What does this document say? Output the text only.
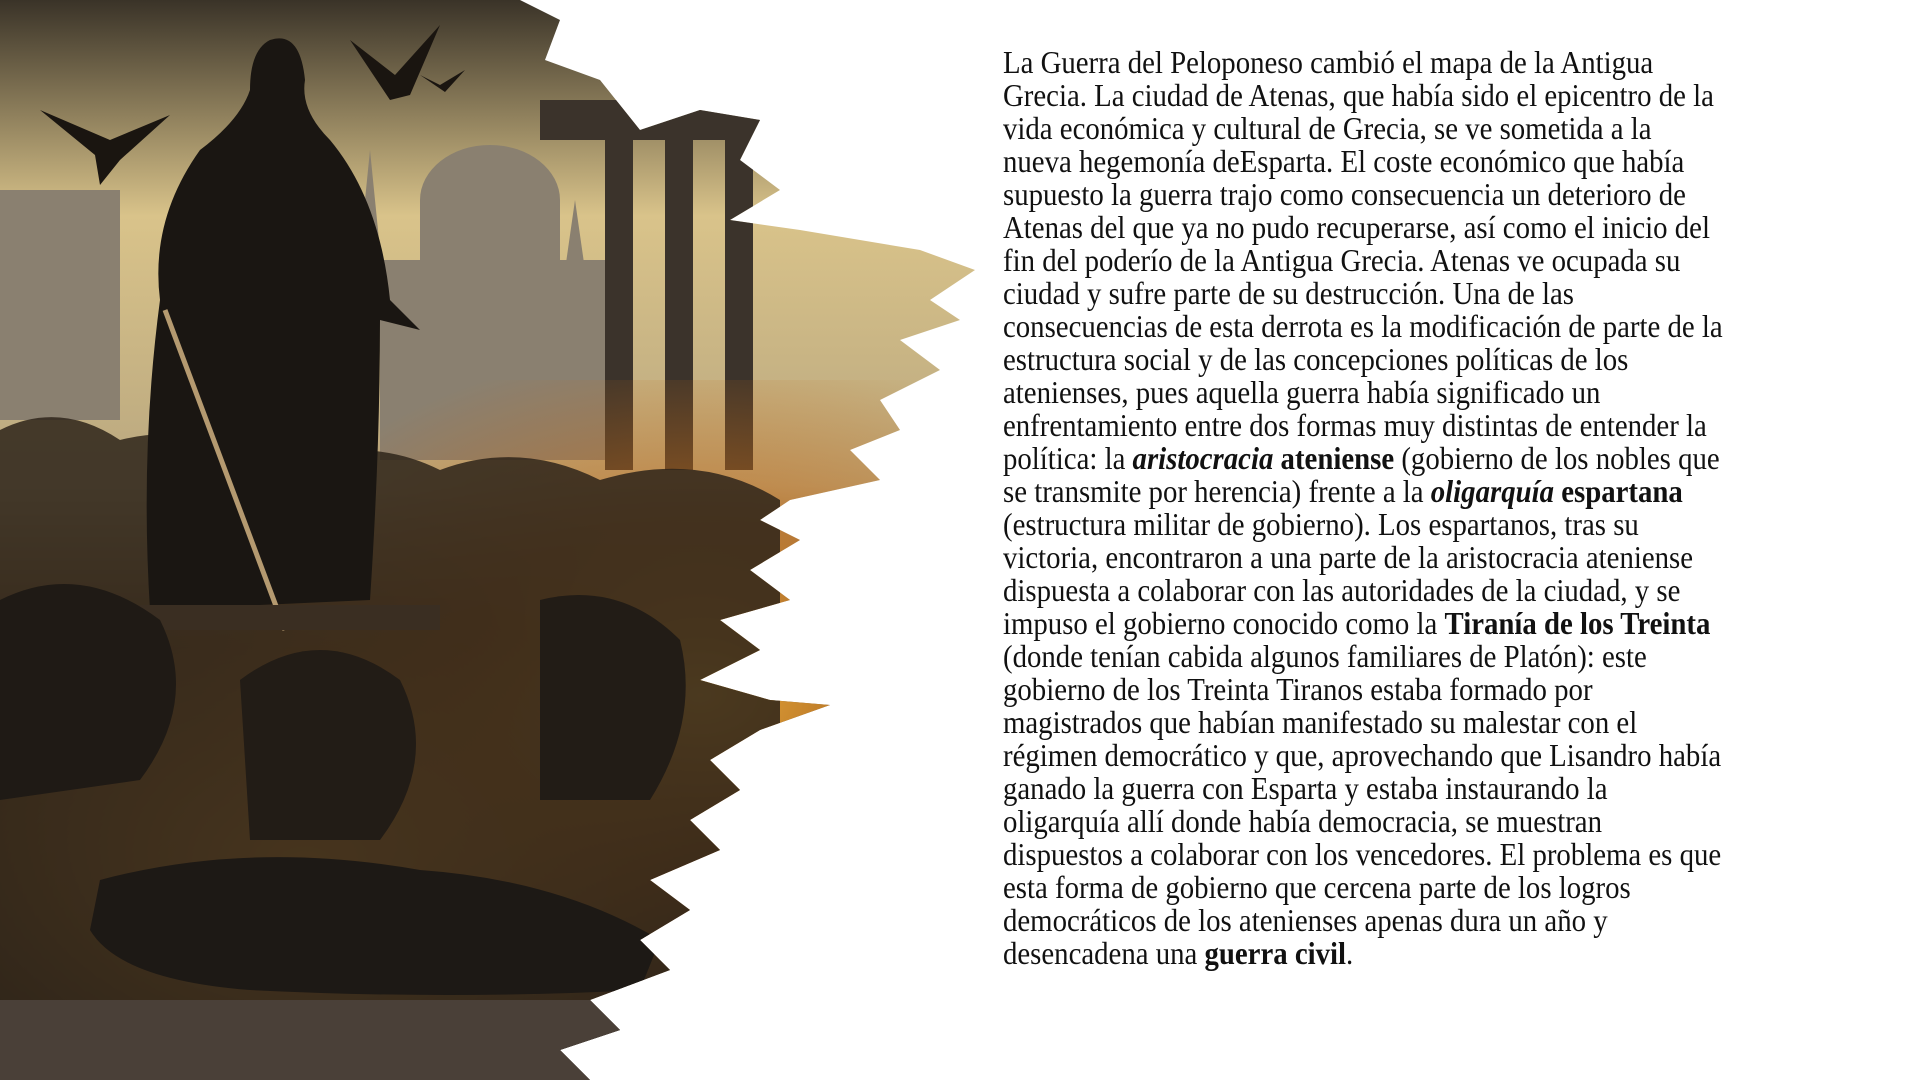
La Guerra del Peloponeso cambió el mapa de la Antigua
Grecia. La ciudad de Atenas, que había sido el epicentro de la
vida económica y cultural de Grecia, se ve sometida a la
nueva hegemonía deEsparta. El coste económico que había
supuesto la guerra trajo como consecuencia un deterioro de
Atenas del que ya no pudo recuperarse, así como el inicio del
fin del poderío de la Antigua Grecia. Atenas ve ocupada su
ciudad y sufre parte de su destrucción. Una de las
consecuencias de esta derrota es la modificación de parte de la
estructura social y de las concepciones políticas de los
atenienses, pues aquella guerra había significado un
enfrentamiento entre dos formas muy distintas de entender la
política: la aristocracia ateniense (gobierno de los nobles que
se transmite por herencia) frente a la oligarquía espartana
(estructura militar de gobierno). Los espartanos, tras su
victoria, encontraron a una parte de la aristocracia ateniense
dispuesta a colaborar con las autoridades de la ciudad, y se
impuso el gobierno conocido como la Tiranía de los Treinta
(donde tenían cabida algunos familiares de Platón): este
gobierno de los Treinta Tiranos estaba formado por
magistrados que habían manifestado su malestar con el
régimen democrático y que, aprovechando que Lisandro había
ganado la guerra con Esparta y estaba instaurando la
oligarquía allí donde había democracia, se muestran
dispuestos a colaborar con los vencedores. El problema es que
esta forma de gobierno que cercena parte de los logros
democráticos de los atenienses apenas dura un año y
desencadena una guerra civil.
